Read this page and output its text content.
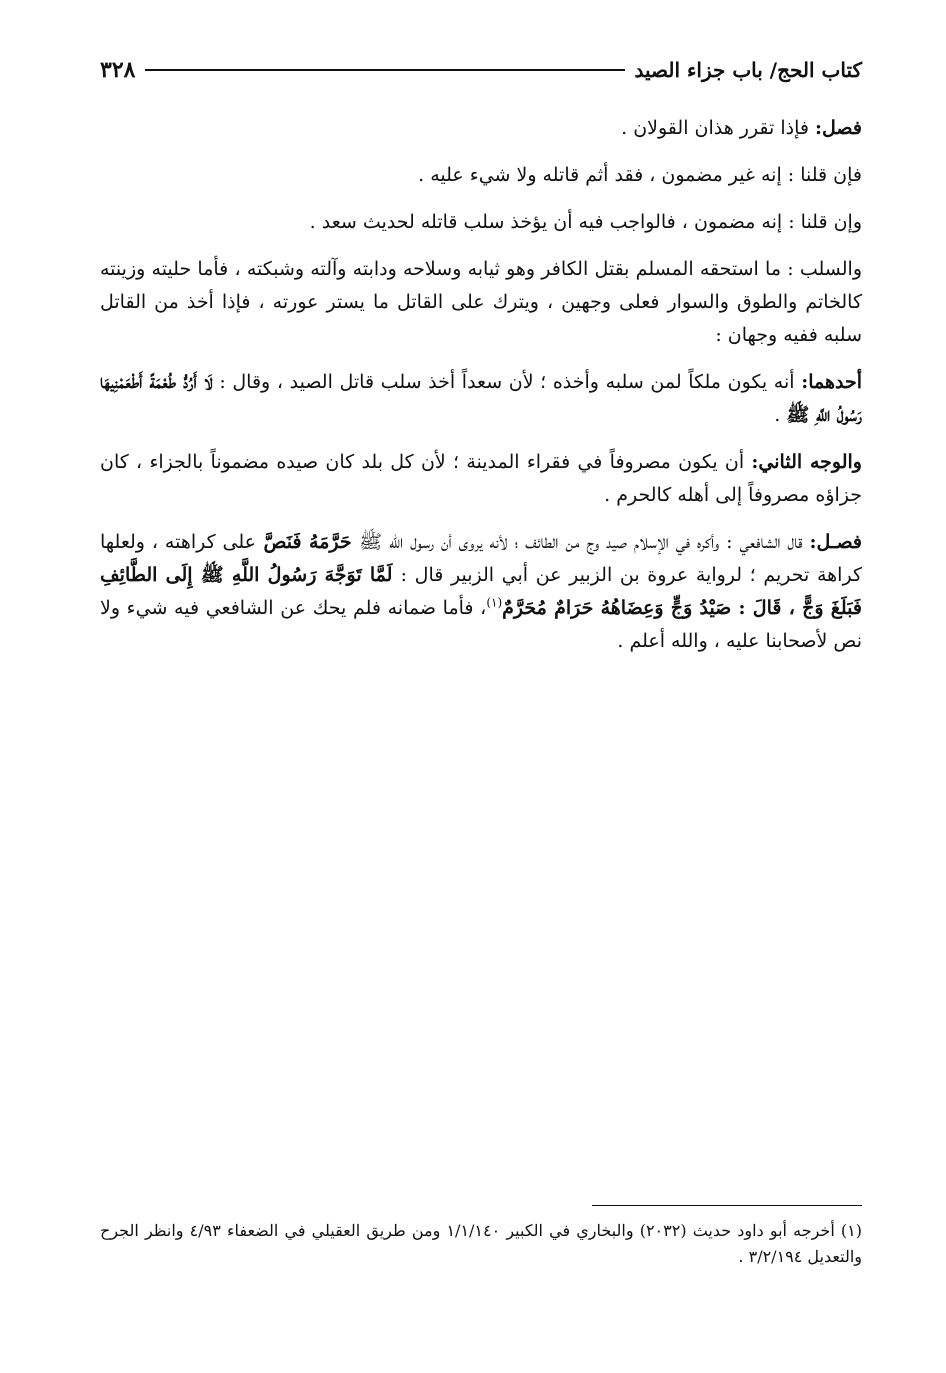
كتاب الحج/ باب جزاء الصيد
٣٢٨

فصل: فإذا تقرر هذان القولان .

فإن قلنا : إنه غير مضمون ، فقد أثم قاتله ولا شيء عليه .

وإن قلنا : إنه مضمون ، فالواجب فيه أن يؤخذ سلب قاتله لحديث سعد .

والسلب : ما استحقه المسلم بقتل الكافر وهو ثيابه وسلاحه ودابته وآلته وشبكته ، فأما حليته وزينته كالخاتم والطوق والسوار فعلى وجهين ، ويترك على القاتل ما يستر عورته ، فإذا أخذ من القاتل سلبه ففيه وجهان :

أحدهما: أنه يكون ملكاً لمن سلبه وأخذه ؛ لأن سعداً أخذ سلب قاتل الصيد ، وقال : لَا أَرُدُّ طُعْمَةً أَطْعَمْنِيهَا رَسُولُ اللَّهِ ﷺ .

والوجه الثاني: أن يكون مصروفاً في فقراء المدينة ؛ لأن كل بلد كان صيده مضموناً بالجزاء ، كان جزاؤه مصروفاً إلى أهله كالحرم .

فصـل: قال الشافعي : وأكره في الإسلام صيد وج من الطائف ؛ لأنه يروى أن رسول الله ﷺ حَرَّمَهُ فَنَصَّ على كراهته ، ولعلها كراهة تحريم ؛ لرواية عروة بن الزبير عن أبي الزبير قال : لَمَّا تَوَجَّهَ رَسُولُ اللَّهِ ﷺ إِلَى الطَّائِفِ فَبَلَغَ وَجًّ ، قَالَ : صَيْدُ وَجٍّ وَعِضَاهُهُ حَرَامٌ مُحَرَّمٌ$^{(١)}$، فأما ضمانه فلم يحك عن الشافعي فيه شيء ولا نص لأصحابنا عليه ، والله أعلم .

(١) أخرجه أبو داود حديث (٢٠٣٢) والبخاري في الكبير ١/١/١٤٠ ومن طريق العقيلي في الضعفاء ٤/٩٣ وانظر الجرح والتعديل ٣/٢/١٩٤ .
